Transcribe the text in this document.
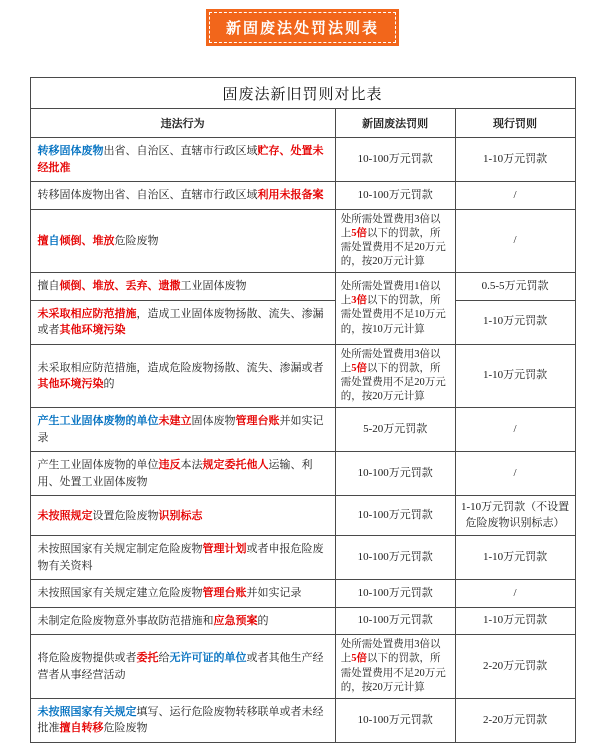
新固废法处罚法则表
固废法新旧罚则对比表		
违法行为	新固废法罚则	现行罚则
转移固体废物出省、自治区、直辖市行政区域贮存、处置未经批准	10-100万元罚款	1-10万元罚款
转移固体废物出省、自治区、直辖市行政区域利用未报备案	10-100万元罚款	/
擅自倾倒、堆放危险废物	处所需处置费用3倍以上5倍以下的罚款，所需处置费用不足20万元的，按20万元计算	/
擅自倾倒、堆放、丢弃、遗撒工业固体废物	处所需处置费用1倍以上3倍以下的罚款，所需处置费用不足10万元的，按10万元计算	0.5-5万元罚款
未采取相应防范措施，造成工业固体废物扬散、流失、渗漏或者其他环境污染		1-10万元罚款
未采取相应防范措施，造成危险废物扬散、流失、渗漏或者其他环境污染的	处所需处置费用3倍以上5倍以下的罚款，所需处置费用不足20万元的，按20万元计算	1-10万元罚款
产生工业固体废物的单位未建立固体废物管理台账并如实记录	5-20万元罚款	/
产生工业固体废物的单位违反本法规定委托他人运输、利用、处置工业固体废物	10-100万元罚款	/
未按照规定设置危险废物识别标志	10-100万元罚款	1-10万元罚款（不设置危险废物识别标志）
未按照国家有关规定制定危险废物管理计划或者申报危险废物有关资料	10-100万元罚款	1-10万元罚款
未按照国家有关规定建立危险废物管理台账并如实记录	10-100万元罚款	/
未制定危险废物意外事故防范措施和应急预案的	10-100万元罚款	1-10万元罚款
将危险废物提供或者委托给无许可证的单位或者其他生产经营者从事经营活动	处所需处置费用3倍以上5倍以下的罚款，所需处置费用不足20万元的，按20万元计算	2-20万元罚款
未按照国家有关规定填写、运行危险废物转移联单或者未经批准擅自转移危险废物	10-100万元罚款	2-20万元罚款
